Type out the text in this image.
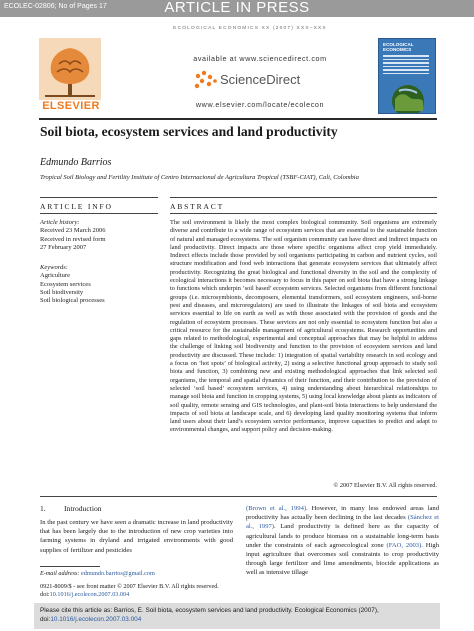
ECOLEC-02806; No of Pages 17	ARTICLE IN PRESS
ECOLOGICAL ECONOMICS XX (2007) XXX–XXX
ELSEVIER
available at www.sciencedirect.com
ScienceDirect
www.elsevier.com/locate/ecolecon
ECOLOGICAL
ECONOMICS
Soil biota, ecosystem services and land productivity
Edmundo Barrios
Tropical Soil Biology and Fertility Institute of Centro Internacional de Agricultura Tropical (TSBF-CIAT), Cali, Colombia
ARTICLE INFO	ABSTRACT
Article history:
Received 23 March 2006
Received in revised form
27 February 2007
Keywords:
Agriculture
Ecosystem services
Soil biodiversity
Soil biological processes
The soil environment is likely the most complex biological community. Soil organisms are extremely diverse and contribute to a wide range of ecosystem services that are essential to the sustainable function of natural and managed ecosystems. The soil organism community can have direct and indirect impacts on land productivity. Direct impacts are those where specific organisms affect crop yield immediately. Indirect effects include those provided by soil organisms participating in carbon and nutrient cycles, soil structure modification and food web interactions that generate ecosystem services that ultimately affect productivity. Recognizing the great biological and functional diversity in the soil and the complexity of ecological interactions it becomes necessary to focus in this paper on soil biota that have a strong linkage to functions which underpin ‘soil based’ ecosystem services. Selected organisms from different functional groups (i.e. microsymbionts, decomposers, elemental transformers, soil ecosystem engineers, soil-borne pest and diseases, and microregulators) are used to illustrate the linkages of soil biota and ecosystem services essential to life on earth as well as with those associated with the provision of goods and the regulation of ecosystem processes. These services are not only essential to ecosystem function but also a critical resource for the sustainable management of agricultural ecosystems. Research opportunities and gaps related to methodological, experimental and conceptual approaches that may be helpful to address the challenge of linking soil biodiversity and function to the provision of ecosystem services and land productivity are discussed. These include: 1) integration of spatial variability research in soil ecology and a focus on ‘hot spots’ of biological activity, 2) using a selective functional group approach to study soil biota and function, 3) combining new and existing methodological approaches that link selected soil organisms, the temporal and spatial dynamics of their function, and their contribution to the provision of selected ‘soil based’ ecosystem services, 4) using understanding about hierarchical relationships to manage soil biota and function in cropping systems, 5) using local knowledge about plants as indicators of soil quality, remote sensing and GIS technologies, and plant-soil biota interactions to help understand the impacts of soil biota at landscape scale, and 6) developing land quality monitoring systems that inform land users about their land’s ecosystem service performance, improve capacities to predict and adapt to environmental changes, and support policy and decision-making.
© 2007 Elsevier B.V. All rights reserved.
1. Introduction
In the past century we have seen a dramatic increase in land productivity that has been largely due to the introduction of new crop varieties into farming systems in dryland and irrigated environments with good supplies of fertilizer and pesticides
(Brown et al., 1994). However, in many less endowed areas land productivity has actually been declining in the last decades (Sánchez et al., 1997). Land productivity is defined here as the capacity of agricultural lands to produce biomass on a sustainable long-term basis under the constraints of each agroecological zone (FAO, 2003). High input agriculture that overcomes soil constraints to crop productivity through large fertilizer and lime amendments, biocide applications as well as intensive tillage
E-mail address: edmundo.barrios@gmail.com
0921-8009/$ - see front matter © 2007 Elsevier B.V. All rights reserved.
doi:10.1016/j.ecolecon.2007.03.004
Please cite this article as: Barrios, E. Soil biota, ecosystem services and land productivity. Ecological Economics (2007), doi:10.1016/j.ecolecon.2007.03.004
